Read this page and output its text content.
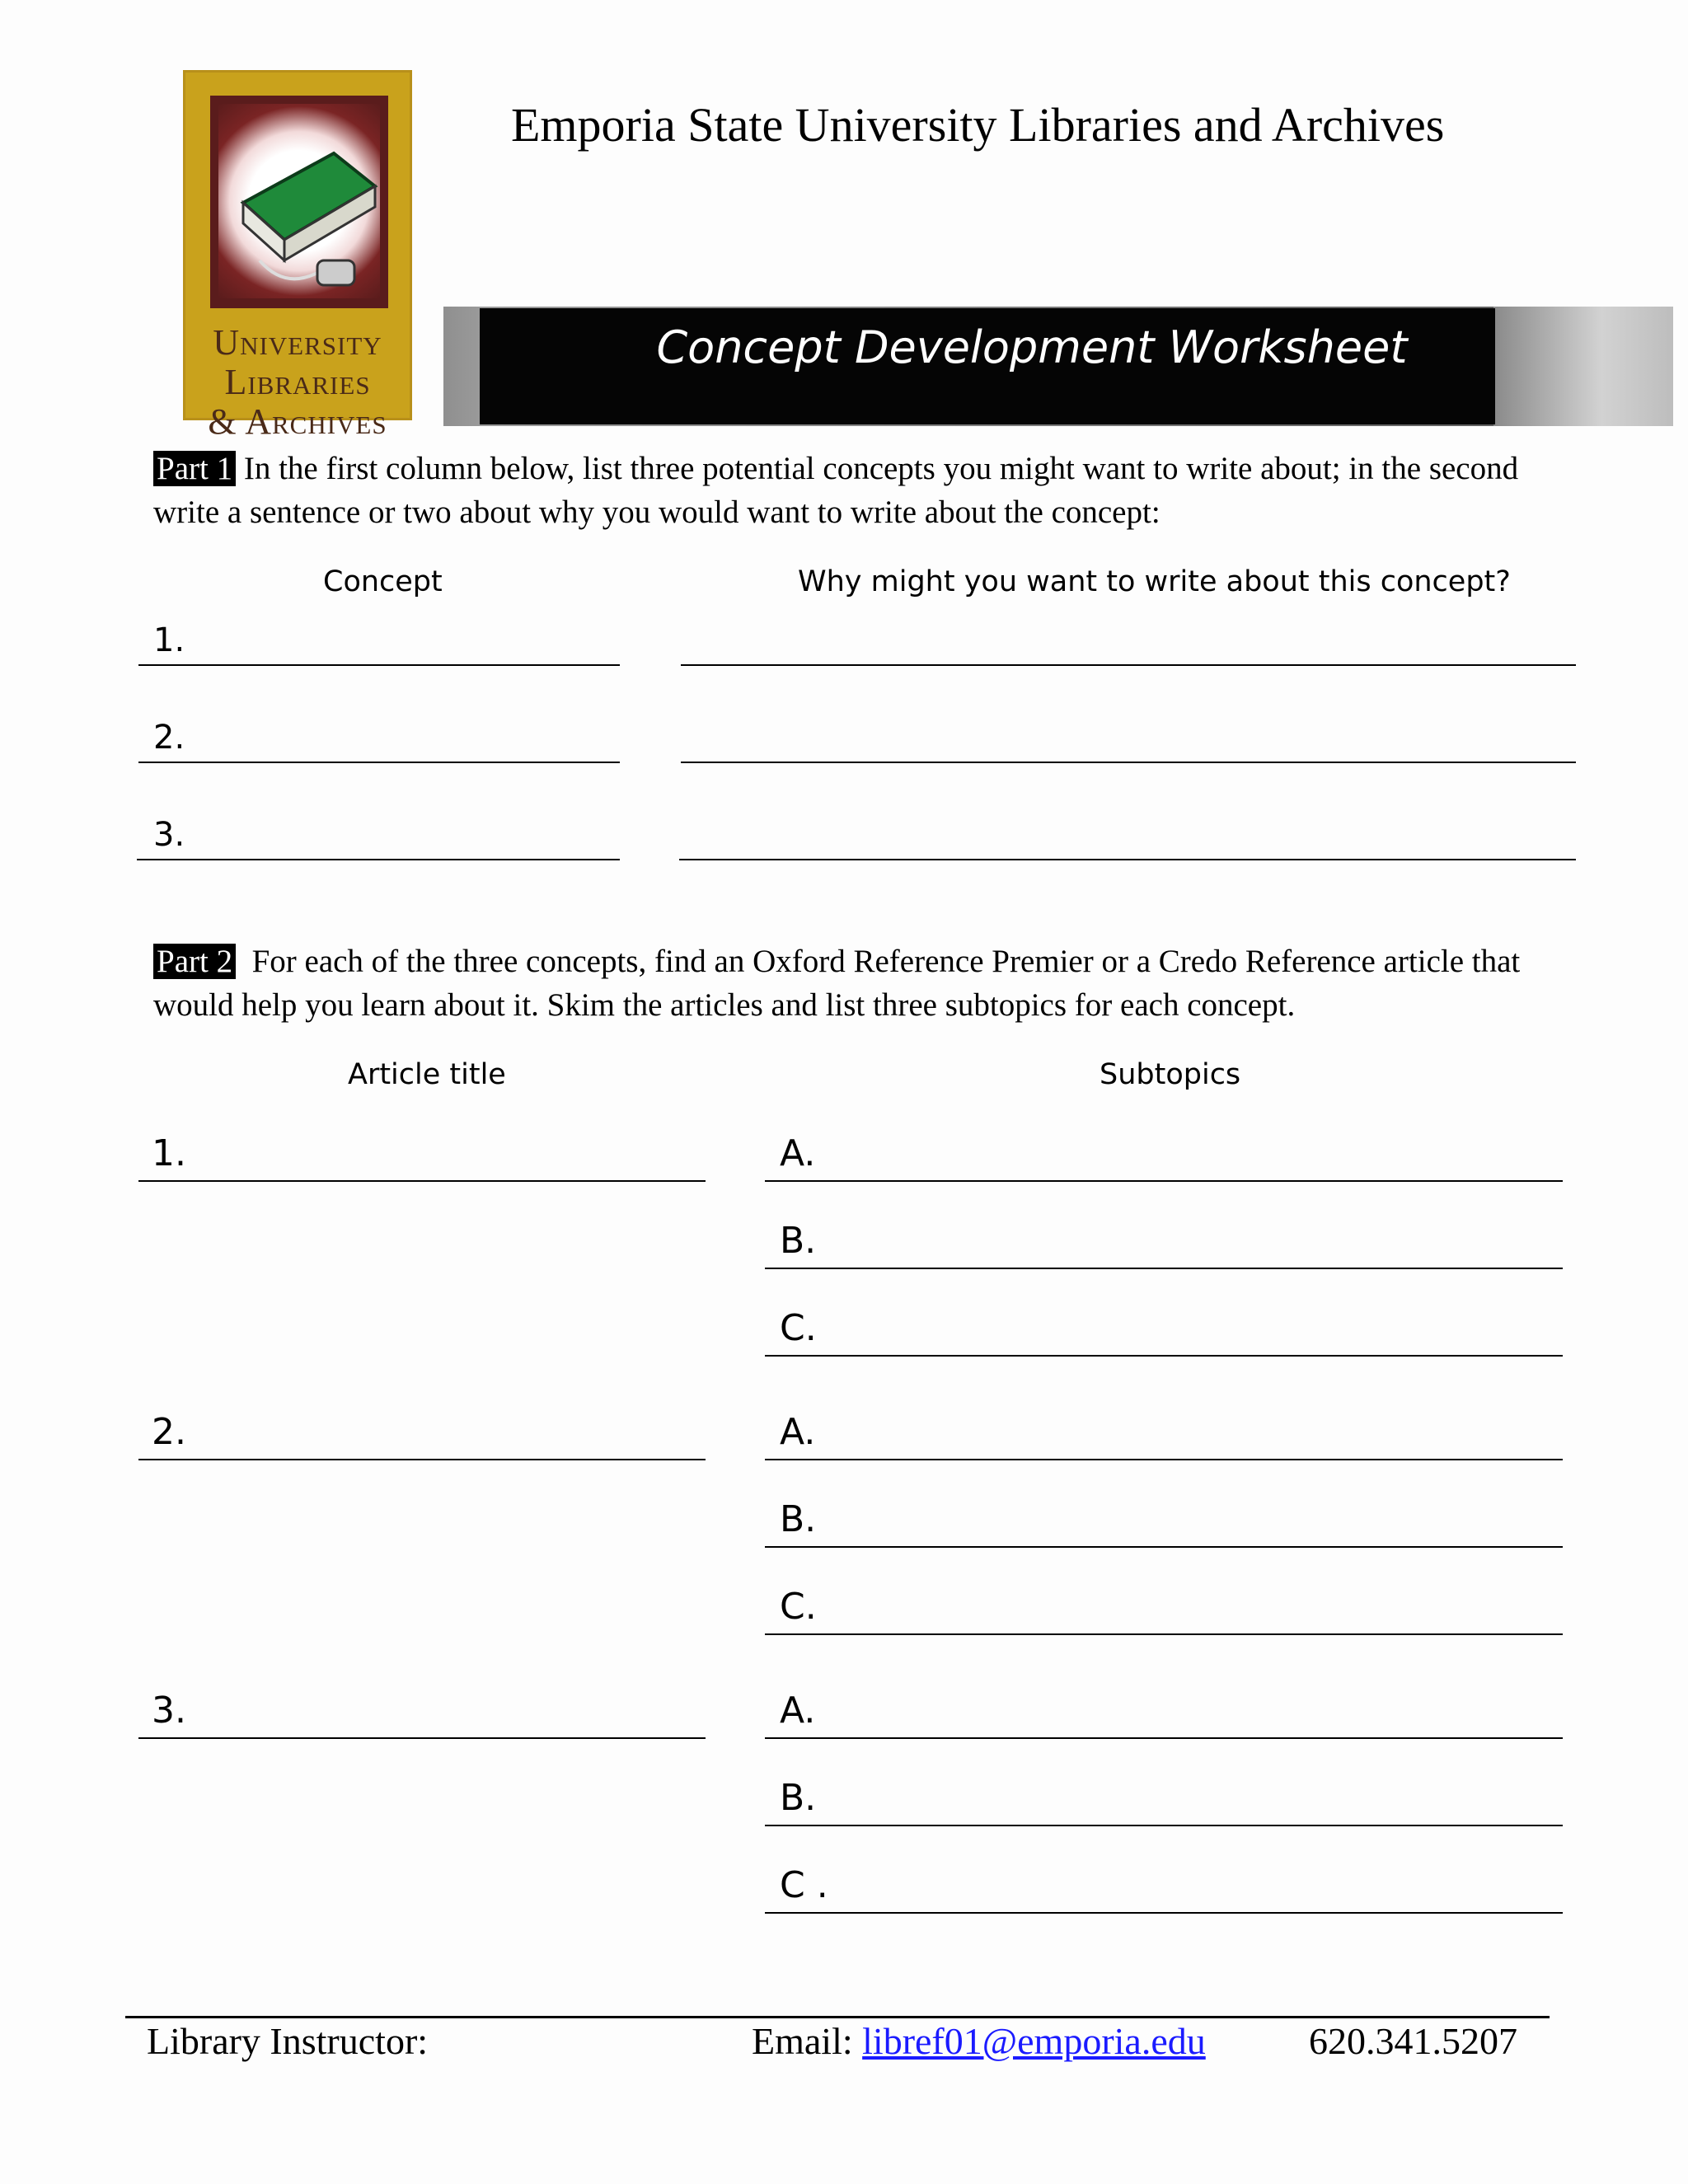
University
Libraries
& Archives
Emporia State University Libraries and Archives
Concept Development Worksheet
Part 1 In the first column below, list three potential concepts you might want to write about; in the second write a sentence or two about why you would want to write about the concept:
Concept	Why might you want to write about this concept?
1.
2.
3.
Part 2 For each of the three concepts, find an Oxford Reference Premier or a Credo Reference article that would help you learn about it. Skim the articles and list three subtopics for each concept.
Article title	Subtopics
1.	A.
B.
C.
2.	A.
B.
C.
3.	A.
B.
C .
Library Instructor:	Email: libref01@emporia.edu	620.341.5207
